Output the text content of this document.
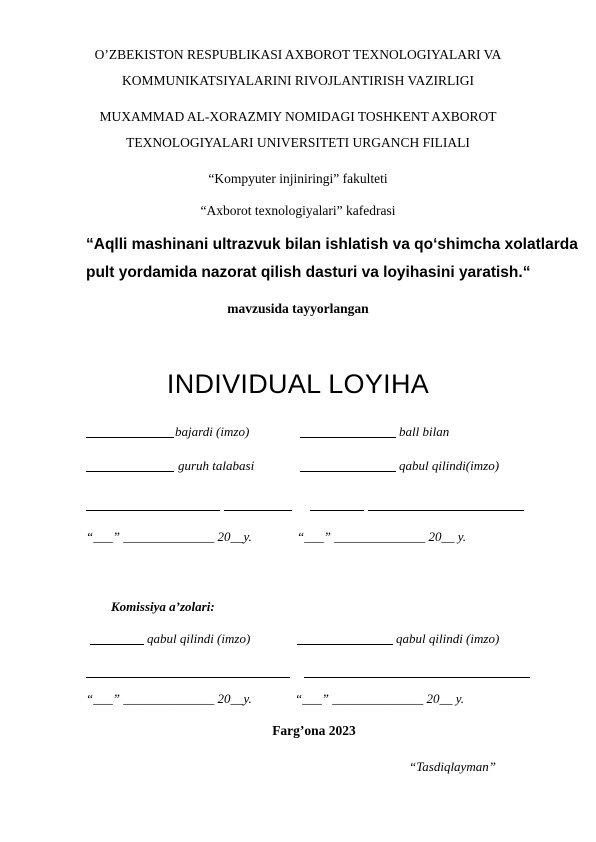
O’ZBEKISTON RESPUBLIKASI AXBOROT TEXNOLOGIYALARI VA
KOMMUNIKATSIYALARINI RIVOJLANTIRISH VAZIRLIGI
MUXAMMAD AL-XORAZMIY NOMIDAGI TOSHKENT AXBOROT
TEXNOLOGIYALARI UNIVERSITETI URGANCH FILIALI
“Kompyuter injiniringi” fakulteti
“Axborot texnologiyalari” kafedrasi
“Aqlli mashinani ultrazvuk bilan ishlatish va qo‘shimcha xolatlarda
pult yordamida nazorat qilish dasturi va loyihasini yaratish.“
mavzusida tayyorlangan
INDIVIDUAL LOYIHA
bajardi (imzo)	ball bilan
guruh talabasi	qabul qilindi(imzo)
“___” ______________ 20__y.	“___” ______________ 20__ y.
Komissiya a’zolari:
qabul qilindi (imzo)	qabul qilindi (imzo)
“___” ______________ 20__y.	“___” ______________ 20__ y.
Farg’ona 2023
“Tasdiqlayman”
